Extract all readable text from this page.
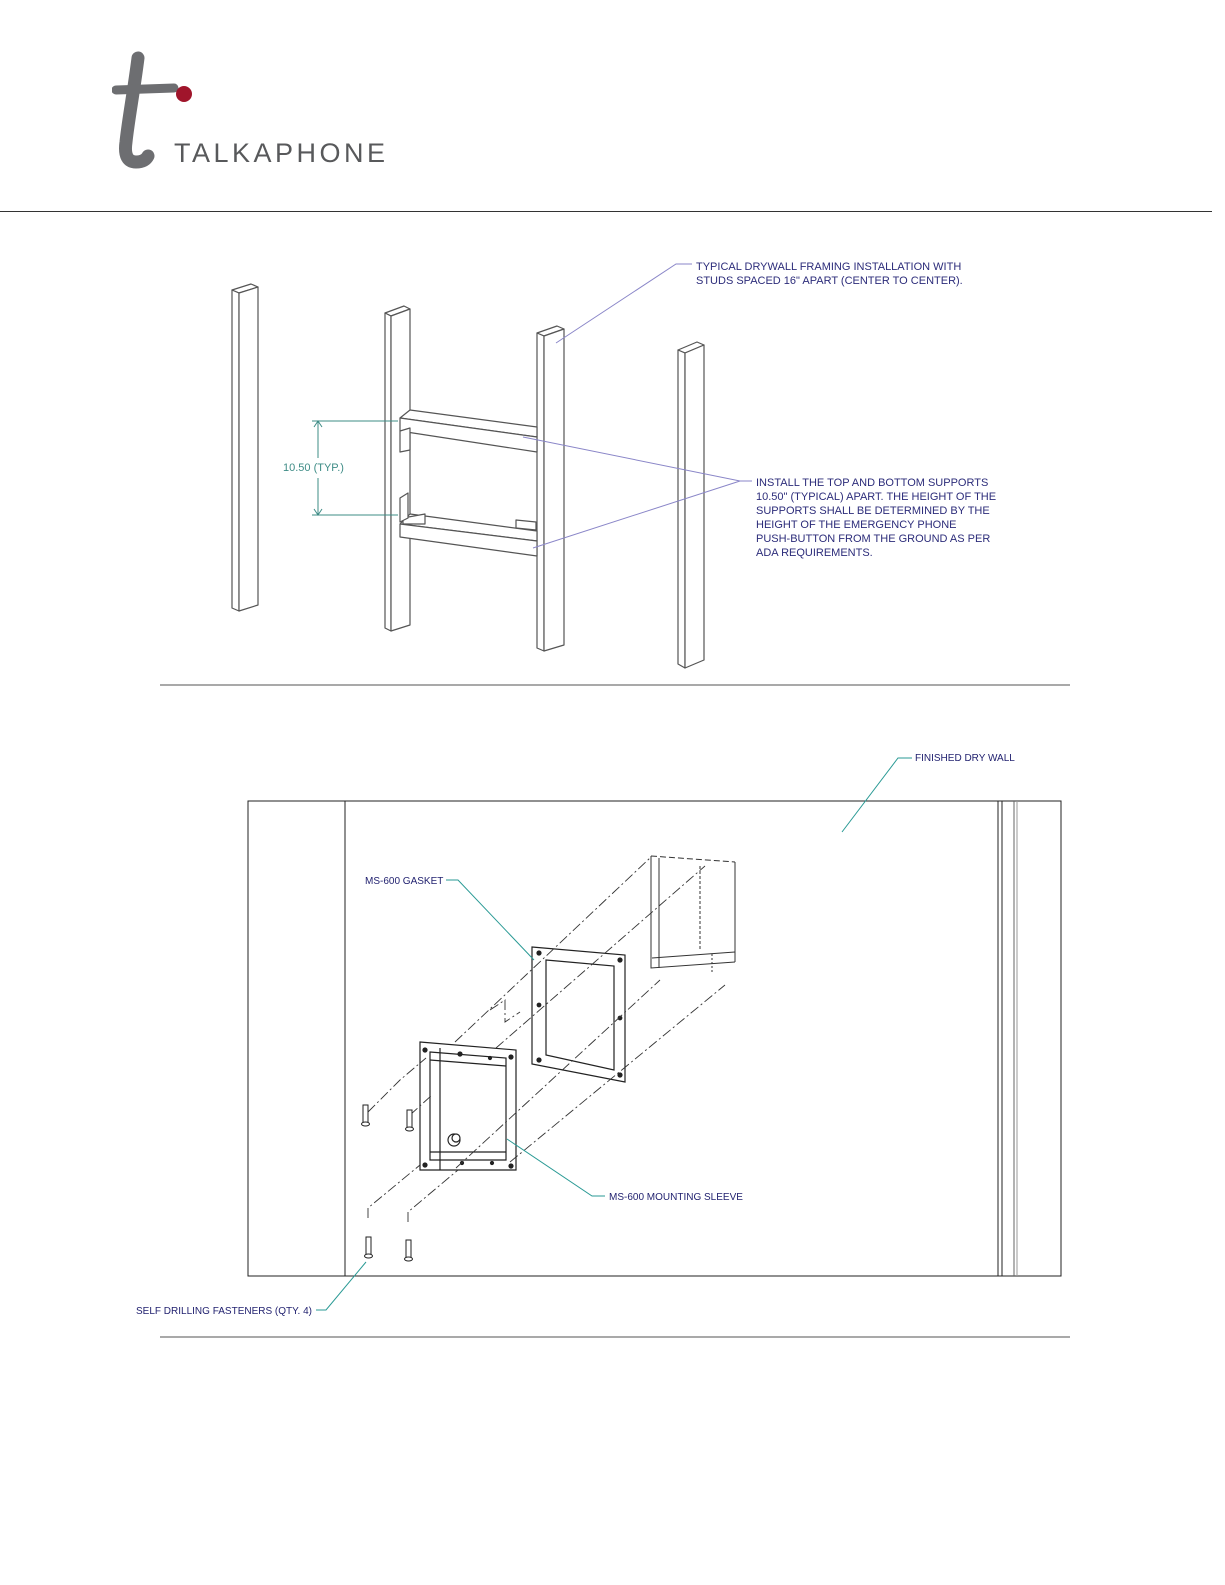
TALKAPHONE
10.50 (TYP.)
TYPICAL DRYWALL FRAMING INSTALLATION WITH STUDS SPACED 16" APART (CENTER TO CENTER).
INSTALL THE TOP AND BOTTOM SUPPORTS 10.50" (TYPICAL) APART. THE HEIGHT OF THE SUPPORTS SHALL BE DETERMINED BY THE HEIGHT OF THE EMERGENCY PHONE PUSH-BUTTON FROM THE GROUND AS PER ADA REQUIREMENTS.
FINISHED DRY WALL
MS-600 GASKET
MS-600 MOUNTING SLEEVE
SELF DRILLING FASTENERS (QTY. 4)
